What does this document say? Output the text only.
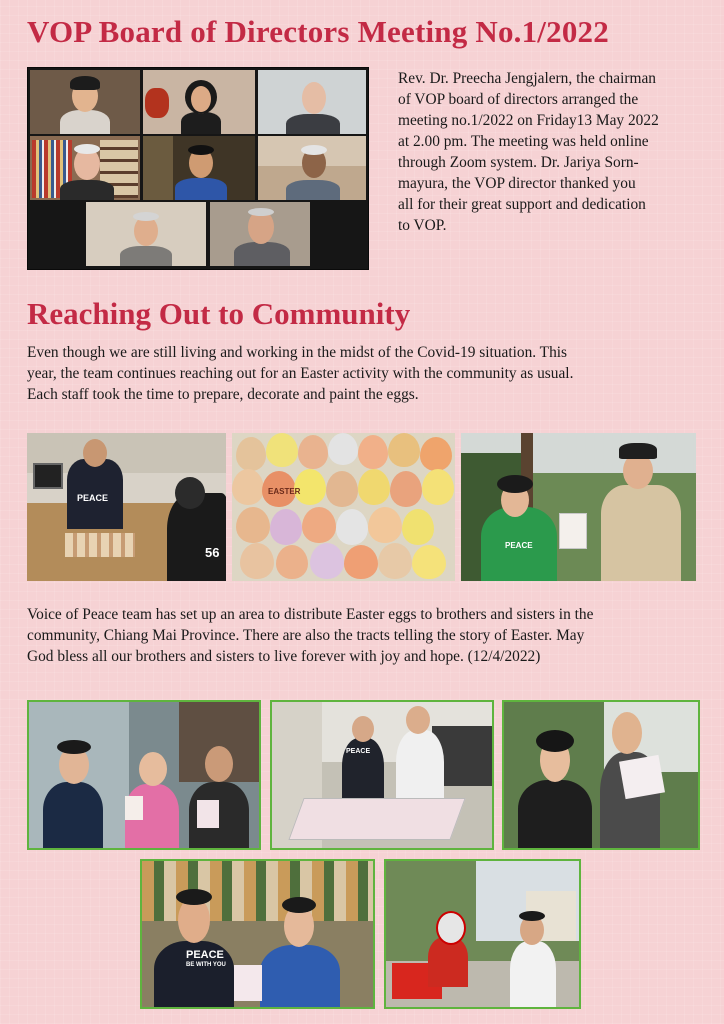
VOP Board of Directors Meeting No.1/2022
Rev. Dr. Preecha Jengjalern, the chairman
of VOP board of directors arranged the
meeting no.1/2022 on Friday13 May 2022
at 2.00 pm. The meeting was held online
through Zoom system. Dr. Jariya Sorn-
mayura, the VOP director thanked you
all for their great support and dedication
to VOP.
Reaching Out to Community
Even though we are still living and working in the midst of the Covid-19 situation. This
year, the team continues reaching out for an Easter activity with the community as usual.
Each staff took the time to prepare, decorate and paint the eggs.
PEACE
56
EASTER
PEACE
Voice of Peace team has set up an area to distribute Easter eggs to brothers and sisters in the
community, Chiang Mai Province. There are also the tracts telling the story of Easter. May
God bless all our brothers and sisters to live forever with joy and hope. (12/4/2022)
PEACE
PEACE
BE WITH YOU
